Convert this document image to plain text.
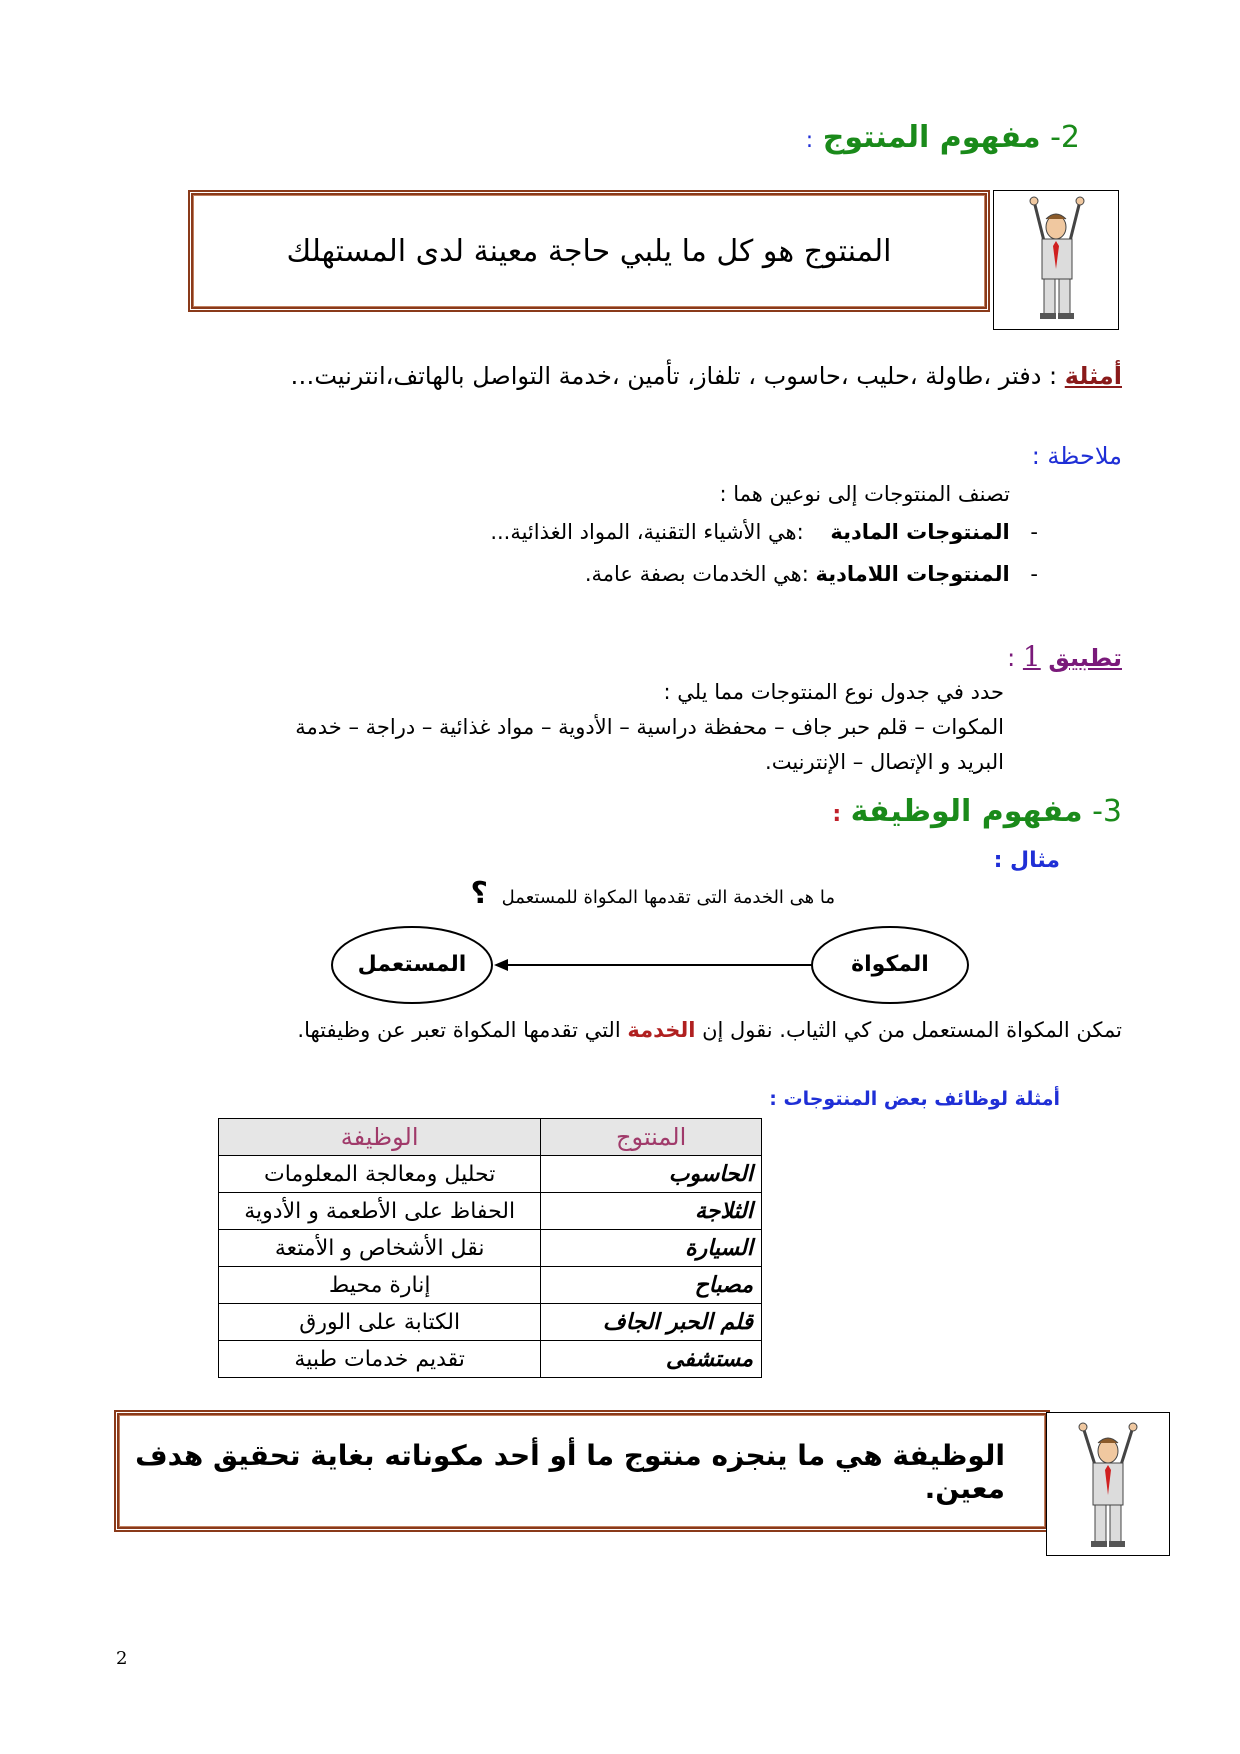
2- مفهوم المنتوج :
المنتوج هو كل ما يلبي حاجة معينة لدى المستهلك
أمثلة : دفتر ،طاولة ،حليب ،حاسوب ، تلفاز، تأمين ،خدمة التواصل بالهاتف،انترنيت…
ملاحظة :
تصنف المنتوجات إلى نوعين هما :
- المنتوجات المادية :هي الأشياء التقنية، المواد الغذائية...
- المنتوجات اللامادية :هي الخدمات بصفة عامة.
تطبيق 1 :
حدد في جدول نوع المنتوجات مما يلي :
المكوات – قلم حبر جاف – محفظة دراسية – الأدوية – مواد غذائية – دراجة – خدمة
البريد و الإتصال – الإنترنيت.
3- مفهوم الوظيفة :
مثال :
ما هى الخدمة التى تقدمها المكواة للمستعمل ؟
المستعمل	المكواة
تمكن المكواة المستعمل من كي الثياب. نقول إن الخدمة التي تقدمها المكواة تعبر عن وظيفتها.
أمثلة لوظائف بعض المنتوجات :
المنتوج	الوظيفة
الحاسوب	تحليل ومعالجة المعلومات
الثلاجة	الحفاظ على الأطعمة و الأدوية
السيارة	نقل الأشخاص و الأمتعة
مصباح	إنارة محيط
قلم الحبر الجاف	الكتابة على الورق
مستشفى	تقديم خدمات طبية
الوظيفة هي ما ينجزه منتوج ما أو أحد مكوناته بغاية تحقيق هدف معين.
2
